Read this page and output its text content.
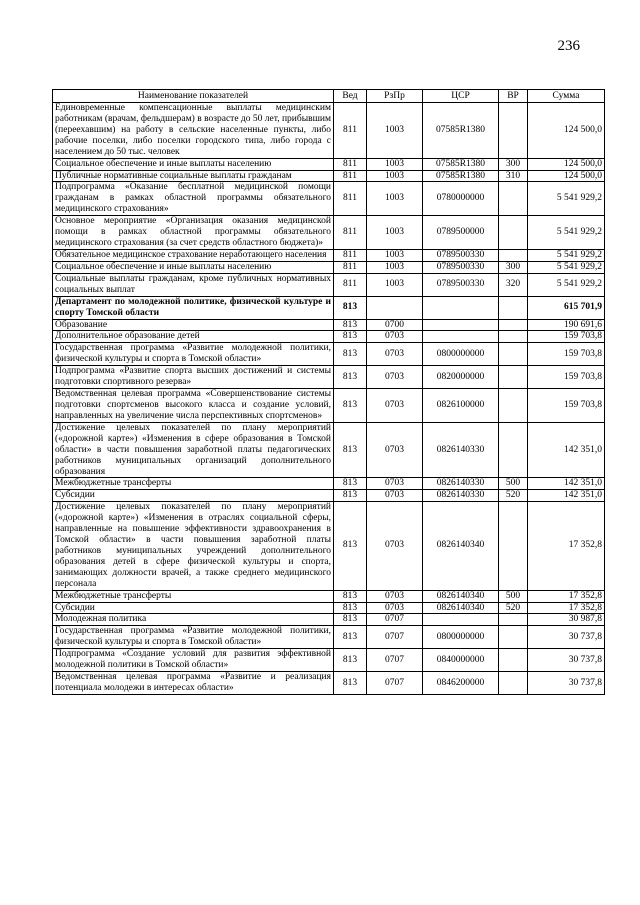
236
Наименование показателей	Вед	РзПр	ЦСР	ВР	Сумма
Единовременные компенсационные выплаты медицинским работникам (врачам, фельдшерам) в возрасте до 50 лет, прибывшим (переехавшим) на работу в сельские населенные пункты, либо рабочие поселки, либо поселки городского типа, либо города с населением до 50 тыс. человек	811	1003	07585R1380		124 500,0
Социальное обеспечение и иные выплаты населению	811	1003	07585R1380	300	124 500,0
Публичные нормативные социальные выплаты гражданам	811	1003	07585R1380	310	124 500,0
Подпрограмма «Оказание бесплатной медицинской помощи гражданам в рамках областной программы обязательного медицинского страхования»	811	1003	0780000000		5 541 929,2
Основное мероприятие «Организация оказания медицинской помощи в рамках областной программы обязательного медицинского страхования (за счет средств областного бюджета)»	811	1003	0789500000		5 541 929,2
Обязательное медицинское страхование неработающего населения	811	1003	0789500330		5 541 929,2
Социальное обеспечение и иные выплаты населению	811	1003	0789500330	300	5 541 929,2
Социальные выплаты гражданам, кроме публичных нормативных социальных выплат	811	1003	0789500330	320	5 541 929,2
Департамент по молодежной политике, физической культуре и спорту Томской области	813				615 701,9
Образование	813	0700			190 691,6
Дополнительное образование детей	813	0703			159 703,8
Государственная программа «Развитие молодежной политики, физической культуры и спорта в Томской области»	813	0703	0800000000		159 703,8
Подпрограмма «Развитие спорта высших достижений и системы подготовки спортивного резерва»	813	0703	0820000000		159 703,8
Ведомственная целевая программа «Совершенствование системы подготовки спортсменов высокого класса и создание условий, направленных на увеличение числа перспективных спортсменов»	813	0703	0826100000		159 703,8
Достижение целевых показателей по плану мероприятий («дорожной карте») «Изменения в сфере образования в Томской области» в части повышения заработной платы педагогических работников муниципальных организаций дополнительного образования	813	0703	0826140330		142 351,0
Межбюджетные трансферты	813	0703	0826140330	500	142 351,0
Субсидии	813	0703	0826140330	520	142 351,0
Достижение целевых показателей по плану мероприятий («дорожной карте») «Изменения в отраслях социальной сферы, направленные на повышение эффективности здравоохранения в Томской области» в части повышения заработной платы работников муниципальных учреждений дополнительного образования детей в сфере физической культуры и спорта, занимающих должности врачей, а также среднего медицинского персонала	813	0703	0826140340		17 352,8
Межбюджетные трансферты	813	0703	0826140340	500	17 352,8
Субсидии	813	0703	0826140340	520	17 352,8
Молодежная политика	813	0707			30 987,8
Государственная программа «Развитие молодежной политики, физической культуры и спорта в Томской области»	813	0707	0800000000		30 737,8
Подпрограмма «Создание условий для развития эффективной молодежной политики в Томской области»	813	0707	0840000000		30 737,8
Ведомственная целевая программа «Развитие и реализация потенциала молодежи в интересах области»	813	0707	0846200000		30 737,8
